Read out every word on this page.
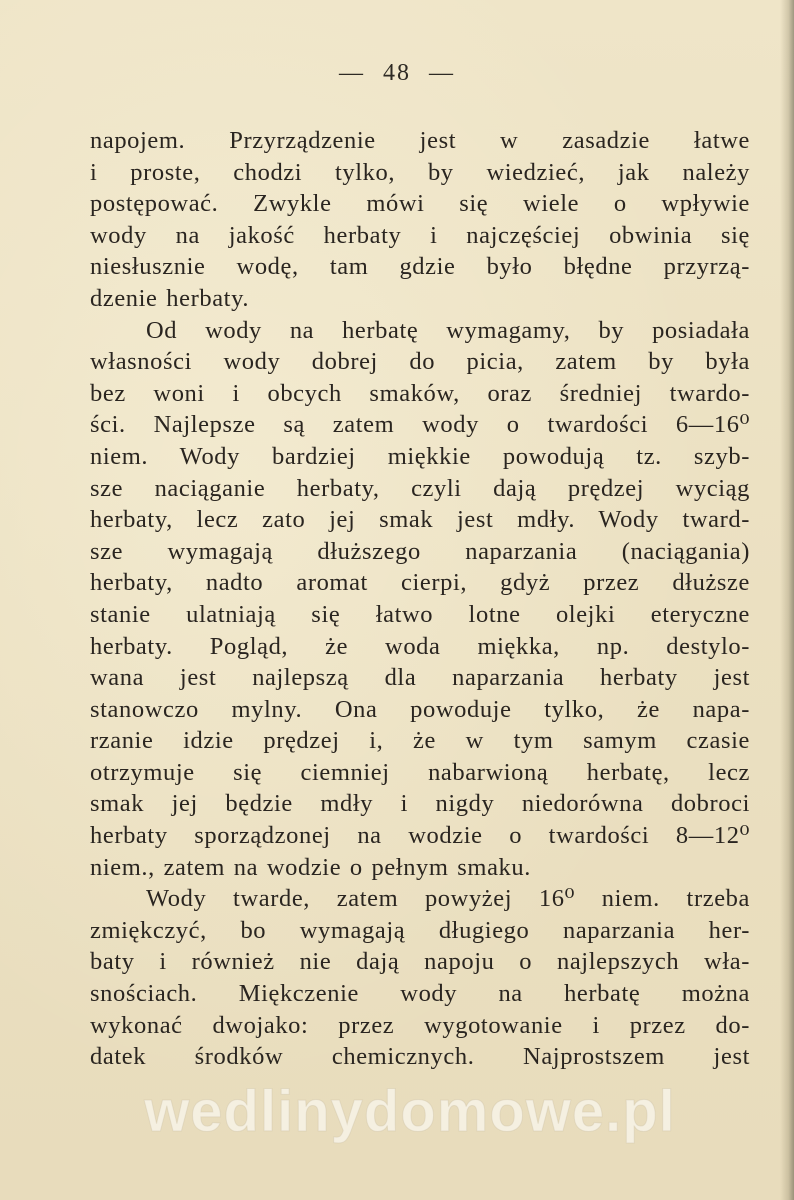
— 48 —
napojem. Przyrządzenie jest w zasadzie łatwe
i proste, chodzi tylko, by wiedzieć, jak należy
postępować. Zwykle mówi się wiele o wpływie
wody na jakość herbaty i najczęściej obwinia się
niesłusznie wodę, tam gdzie było błędne przyrzą-
dzenie herbaty.
Od wody na herbatę wymagamy, by posiadała
własności wody dobrej do picia, zatem by była
bez woni i obcych smaków, oraz średniej twardo-
ści. Najlepsze są zatem wody o twardości 6—16⁰
niem. Wody bardziej miękkie powodują tz. szyb-
sze naciąganie herbaty, czyli dają prędzej wyciąg
herbaty, lecz zato jej smak jest mdły. Wody tward-
sze wymagają dłuższego naparzania (naciągania)
herbaty, nadto aromat cierpi, gdyż przez dłuższe
stanie ulatniają się łatwo lotne olejki eteryczne
herbaty. Pogląd, że woda miękka, np. destylo-
wana jest najlepszą dla naparzania herbaty jest
stanowczo mylny. Ona powoduje tylko, że napa-
rzanie idzie prędzej i, że w tym samym czasie
otrzymuje się ciemniej nabarwioną herbatę, lecz
smak jej będzie mdły i nigdy niedorówna dobroci
herbaty sporządzonej na wodzie o twardości 8—12⁰
niem., zatem na wodzie o pełnym smaku.
Wody twarde, zatem powyżej 16⁰ niem. trzeba
zmiękczyć, bo wymagają długiego naparzania her-
baty i również nie dają napoju o najlepszych wła-
snościach. Miękczenie wody na herbatę można
wykonać dwojako: przez wygotowanie i przez do-
datek środków chemicznych. Najprostszem jest
wedlinydomowe.pl
